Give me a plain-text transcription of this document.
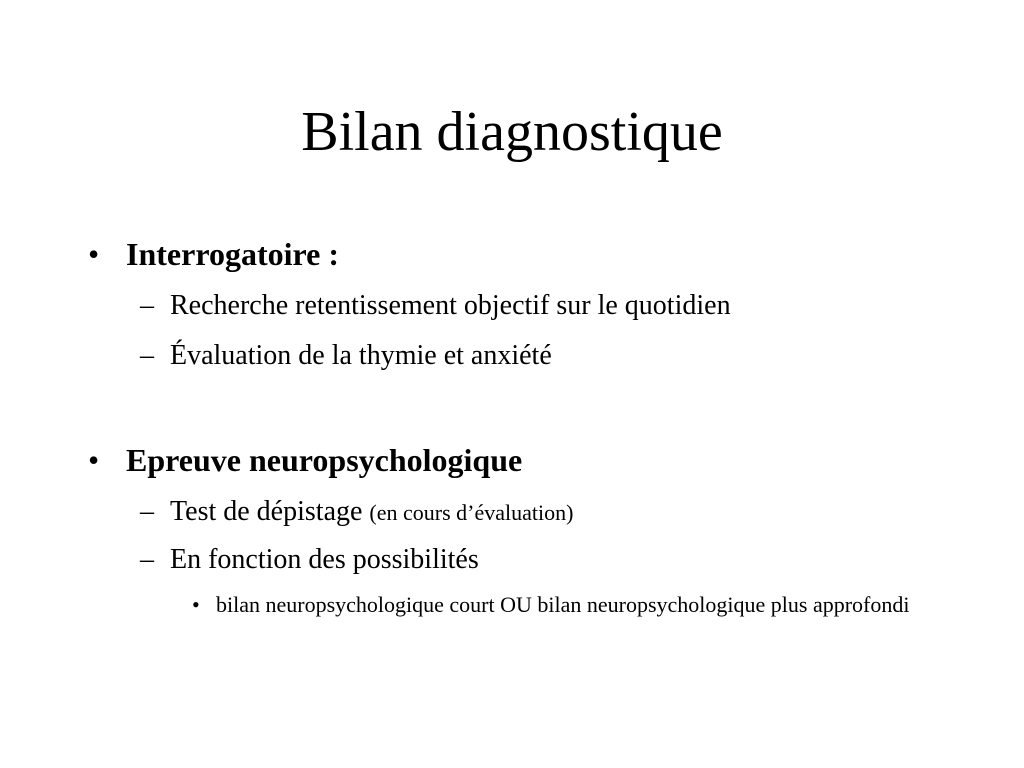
Bilan diagnostique
• Interrogatoire :
– Recherche retentissement objectif sur le quotidien
– Évaluation de la thymie et anxiété
• Epreuve neuropsychologique
– Test de dépistage (en cours d’évaluation)
– En fonction des possibilités
• bilan neuropsychologique court OU bilan neuropsychologique plus approfondi
